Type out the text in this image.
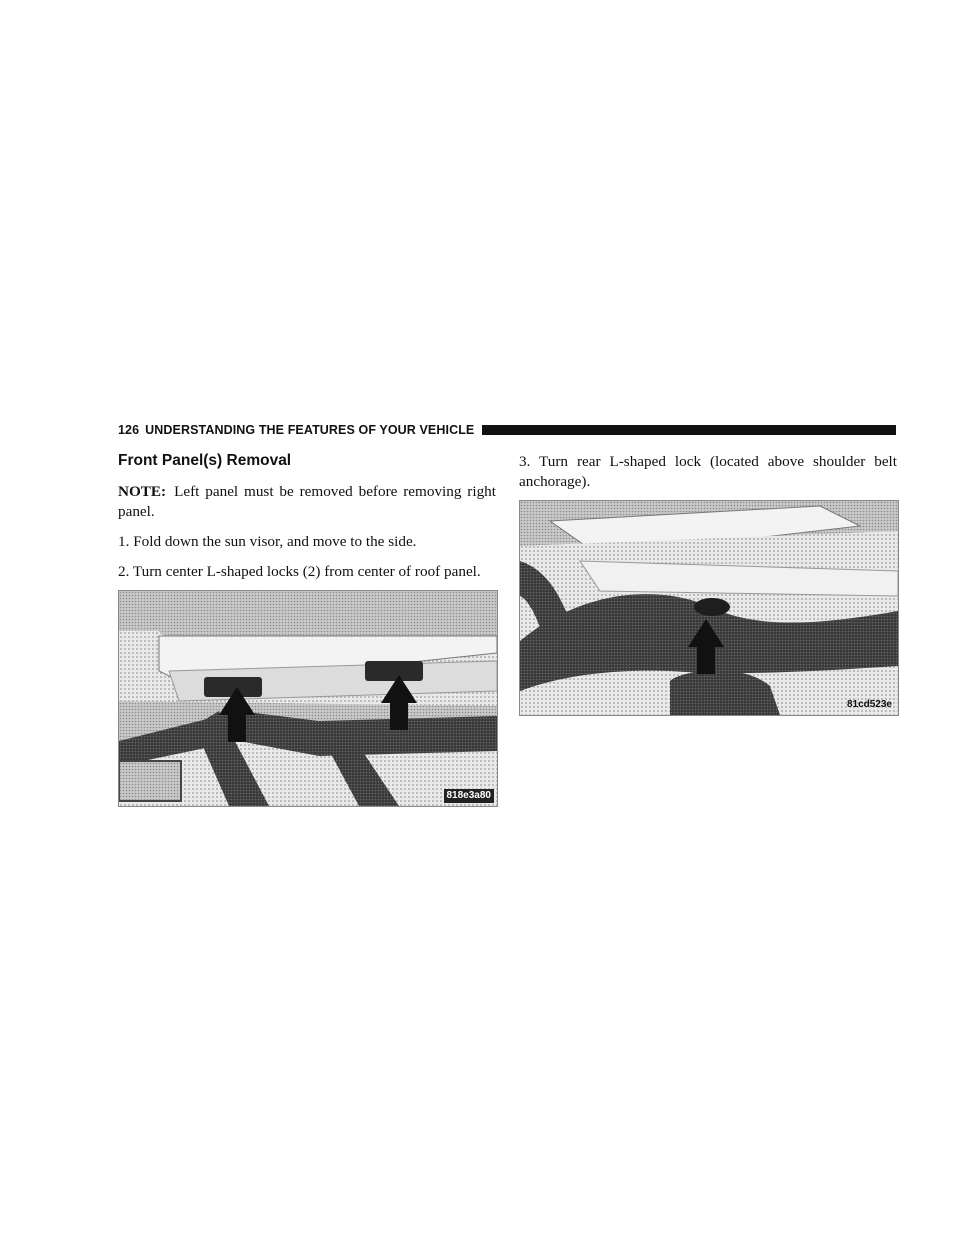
126 UNDERSTANDING THE FEATURES OF YOUR VEHICLE
Front Panel(s) Removal

NOTE: Left panel must be removed before removing right panel.

1. Fold down the sun visor, and move to the side.

2. Turn center L-shaped locks (2) from center of roof panel.

818e3a80

3. Turn rear L-shaped lock (located above shoulder belt anchorage).

81cd523e
